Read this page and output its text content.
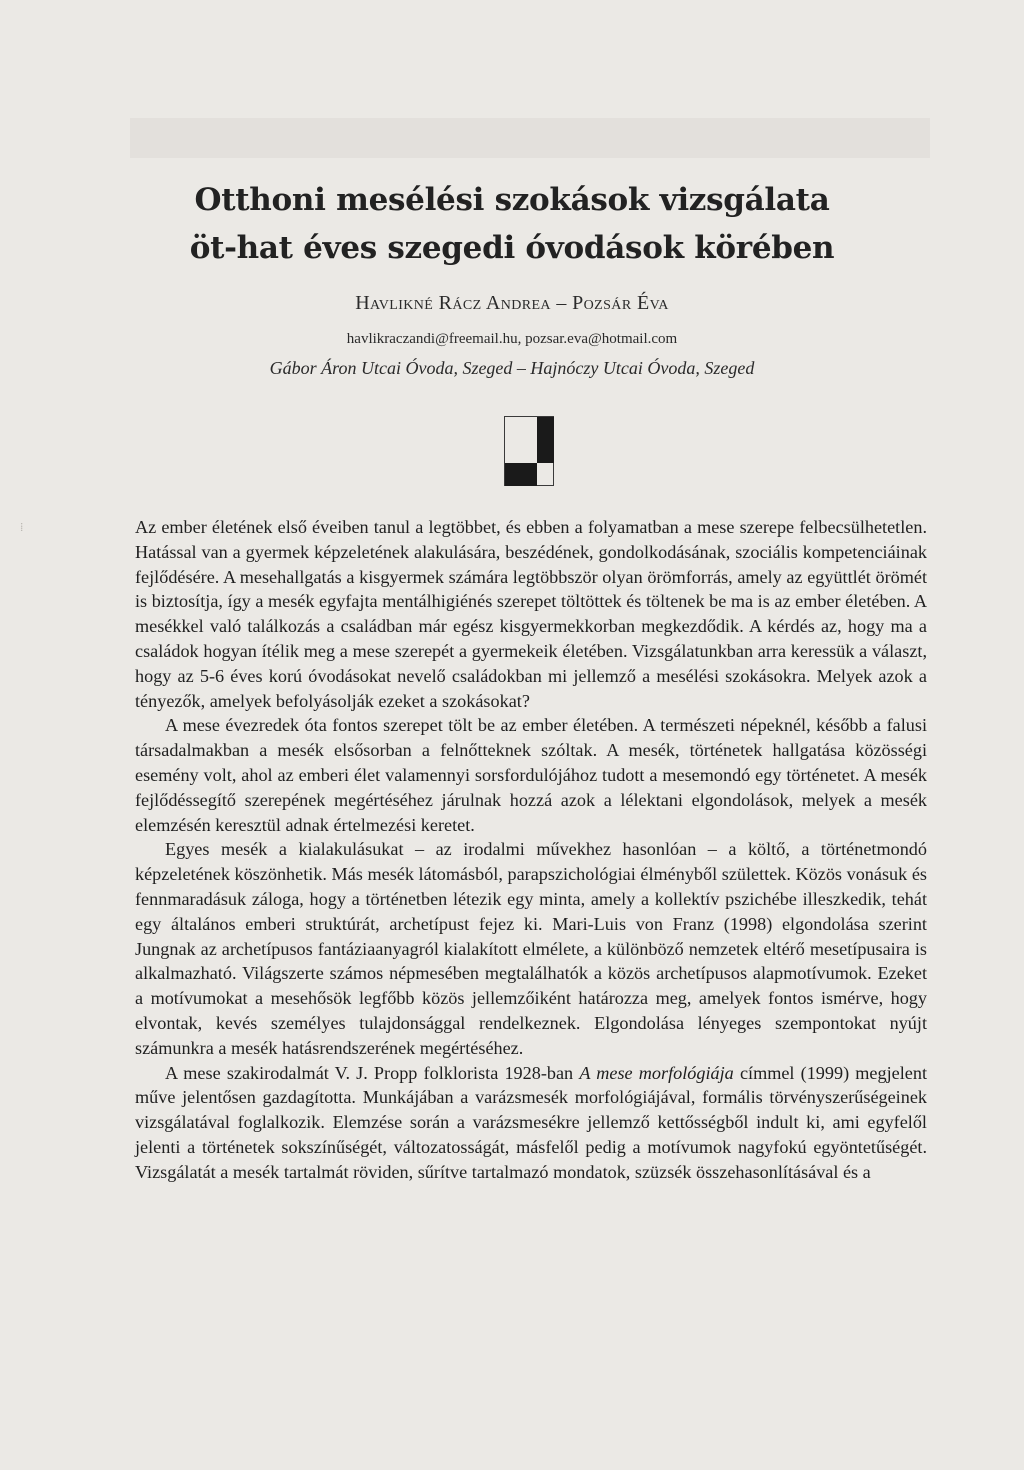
⁞
Otthoni mesélési szokások vizsgálata
öt-hat éves szegedi óvodások körében
Havlikné Rácz Andrea – Pozsár Éva
havlikraczandi@freemail.hu, pozsar.eva@hotmail.com
Gábor Áron Utcai Óvoda, Szeged – Hajnóczy Utcai Óvoda, Szeged

Az ember életének első éveiben tanul a legtöbbet, és ebben a folyamatban a mese szerepe felbecsülhetetlen. Hatással van a gyermek képzeletének alakulására, beszédének, gondolkodásának, szociális kompetenciáinak fejlődésére. A mesehallgatás a kisgyermek számára legtöbbször olyan örömforrás, amely az együttlét örömét is biztosítja, így a mesék egyfajta mentálhigiénés szerepet töltöttek és töltenek be ma is az ember életében. A mesékkel való találkozás a családban már egész kisgyermekkorban megkezdődik. A kérdés az, hogy ma a családok hogyan ítélik meg a mese szerepét a gyermekeik életében. Vizsgálatunkban arra keressük a választ, hogy az 5-6 éves korú óvodásokat nevelő családokban mi jellemző a mesélési szokásokra. Melyek azok a tényezők, amelyek befolyásolják ezeket a szokásokat?

A mese évezredek óta fontos szerepet tölt be az ember életében. A természeti népeknél, később a falusi társadalmakban a mesék elsősorban a felnőtteknek szóltak. A mesék, történetek hallgatása közösségi esemény volt, ahol az emberi élet valamennyi sorsfordulójához tudott a mesemondó egy történetet. A mesék fejlődéssegítő szerepének megértéséhez járulnak hozzá azok a lélektani elgondolások, melyek a mesék elemzésén keresztül adnak értelmezési keretet.

Egyes mesék a kialakulásukat – az irodalmi művekhez hasonlóan – a költő, a történetmondó képzeletének köszönhetik. Más mesék látomásból, parapszichológiai élményből születtek. Közös vonásuk és fennmaradásuk záloga, hogy a történetben létezik egy minta, amely a kollektív pszichébe illeszkedik, tehát egy általános emberi struktúrát, archetípust fejez ki. Mari-Luis von Franz (1998) elgondolása szerint Jungnak az archetípusos fantáziaanyagról kialakított elmélete, a különböző nemzetek eltérő mesetípusaira is alkalmazható. Világszerte számos népmesében megtalálhatók a közös archetípusos alapmotívumok. Ezeket a motívumokat a mesehősök legfőbb közös jellemzőiként határozza meg, amelyek fontos ismérve, hogy elvontak, kevés személyes tulajdonsággal rendelkeznek. Elgondolása lényeges szempontokat nyújt számunkra a mesék hatásrendszerének megértéséhez.

A mese szakirodalmát V. J. Propp folklorista 1928-ban A mese morfológiája címmel (1999) megjelent műve jelentősen gazdagította. Munkájában a varázsmesék morfológiájával, formális törvényszerűségeinek vizsgálatával foglalkozik. Elemzése során a varázsmesékre jellemző kettősségből indult ki, ami egyfelől jelenti a történetek sokszínűségét, változatosságát, másfelől pedig a motívumok nagyfokú egyöntetűségét. Vizsgálatát a mesék tartalmát röviden, sűrítve tartalmazó mondatok, szüzsék összehasonlításával és a
